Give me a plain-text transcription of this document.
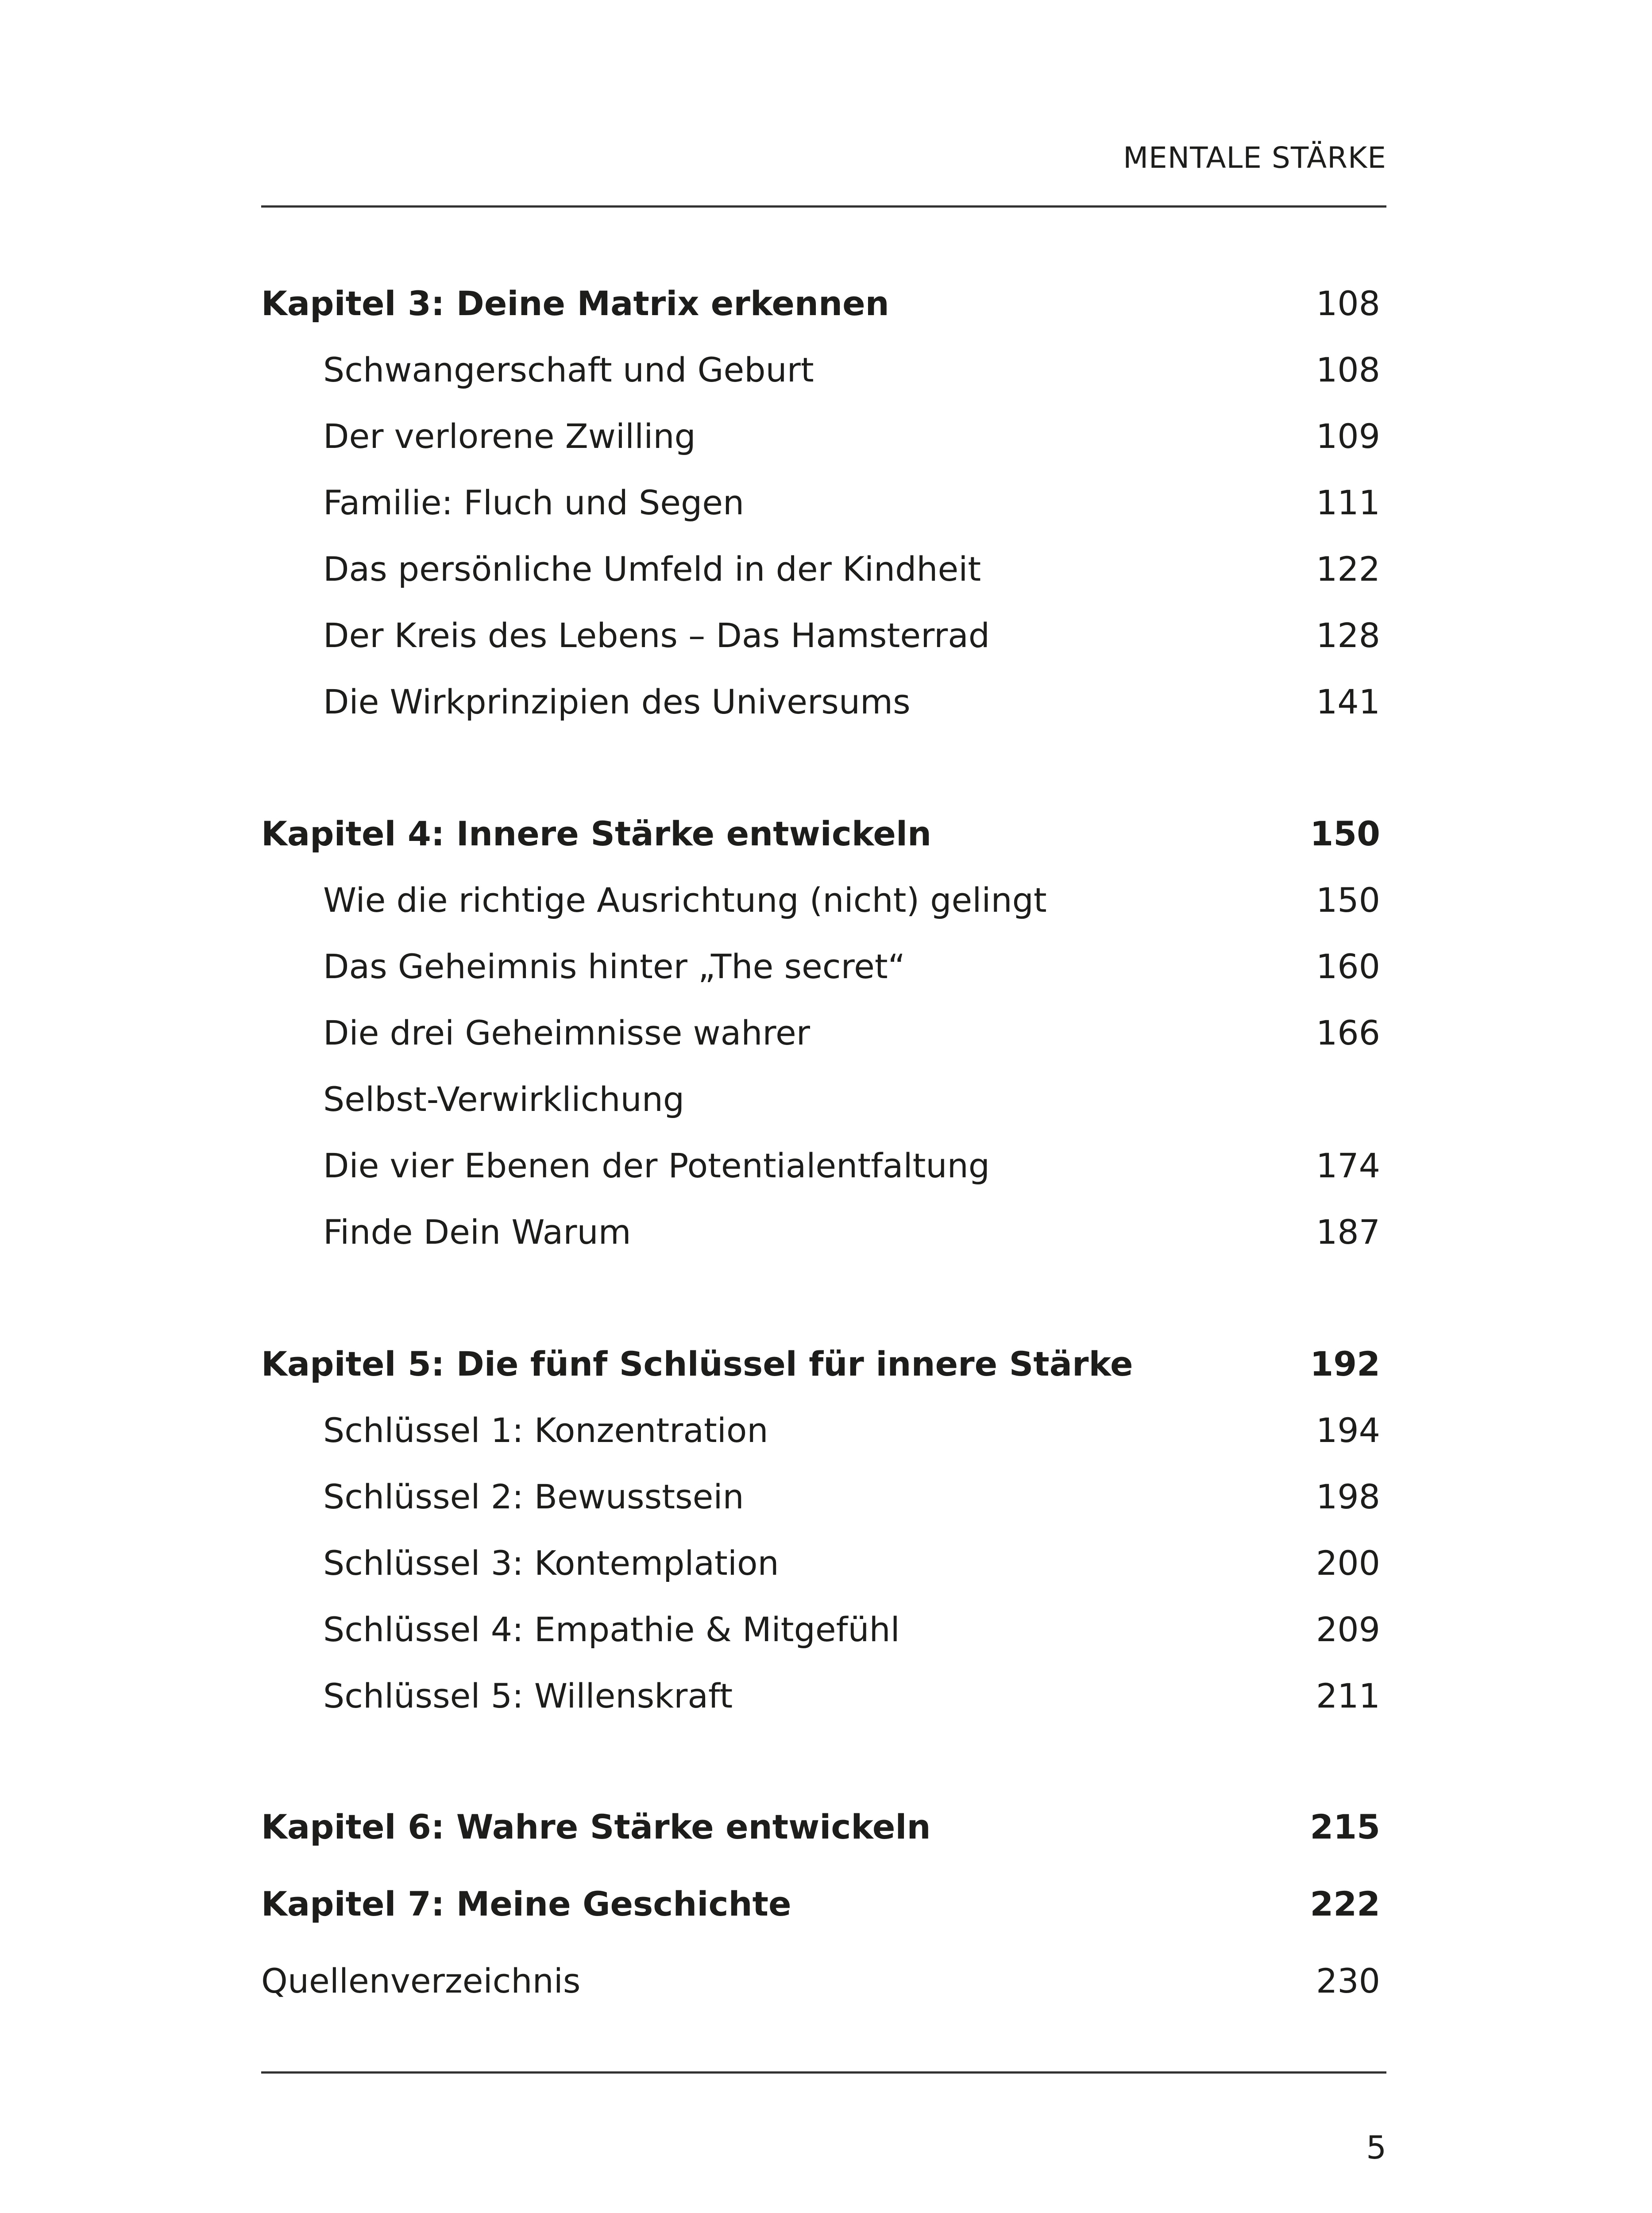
MENTALE STÄRKE
Kapitel 3: Deine Matrix erkennen	108
Schwangerschaft und Geburt	108
Der verlorene Zwilling	109
Familie: Fluch und Segen	111
Das persönliche Umfeld in der Kindheit	122
Der Kreis des Lebens – Das Hamsterrad	128
Die Wirkprinzipien des Universums	141
Kapitel 4: Innere Stärke entwickeln	150
Wie die richtige Ausrichtung (nicht) gelingt	150
Das Geheimnis hinter „The secret“	160
Die drei Geheimnisse wahrer	166
Selbst-Verwirklichung
Die vier Ebenen der Potentialentfaltung	174
Finde Dein Warum	187
Kapitel 5: Die fünf Schlüssel für innere Stärke	192
Schlüssel 1: Konzentration	194
Schlüssel 2: Bewusstsein	198
Schlüssel 3: Kontemplation	200
Schlüssel 4: Empathie & Mitgefühl	209
Schlüssel 5: Willenskraft	211
Kapitel 6: Wahre Stärke entwickeln	215
Kapitel 7: Meine Geschichte	222
Quellenverzeichnis	230
5
